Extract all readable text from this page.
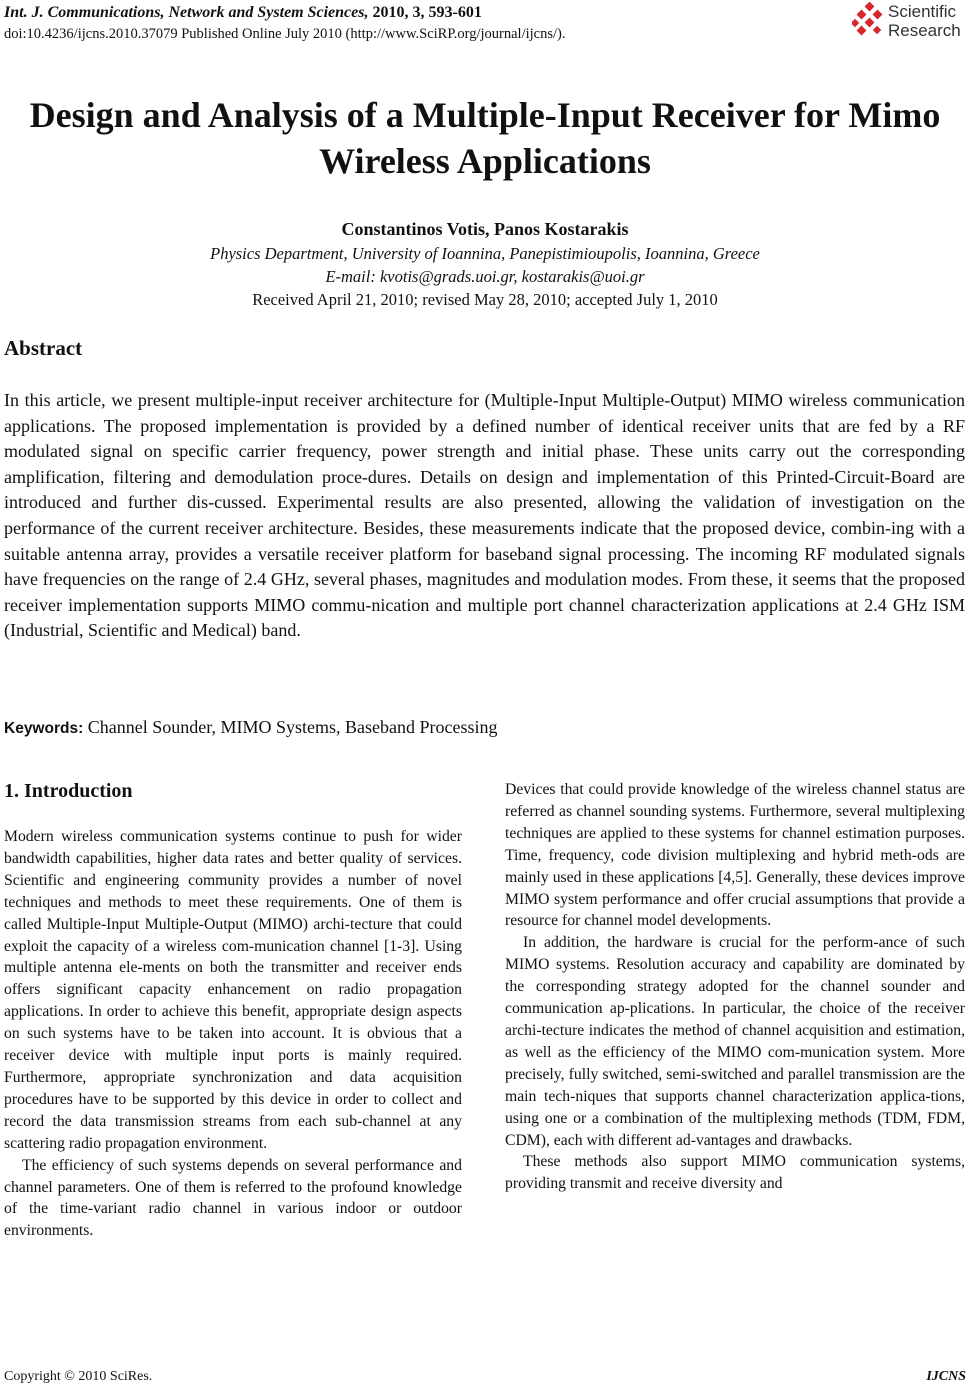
Int. J. Communications, Network and System Sciences, 2010, 3, 593-601
doi:10.4236/ijcns.2010.37079 Published Online July 2010 (http://www.SciRP.org/journal/ijcns/).
Scientific
Research
Design and Analysis of a Multiple-Input Receiver for Mimo
Wireless Applications
Constantinos Votis, Panos Kostarakis
Physics Department, University of Ioannina, Panepistimioupolis, Ioannina, Greece
E-mail: kvotis@grads.uoi.gr, kostarakis@uoi.gr
Received April 21, 2010; revised May 28, 2010; accepted July 1, 2010
Abstract
In this article, we present multiple-input receiver architecture for (Multiple-Input Multiple-Output) MIMO wireless communication applications. The proposed implementation is provided by a defined number of identical receiver units that are fed by a RF modulated signal on specific carrier frequency, power strength and initial phase. These units carry out the corresponding amplification, filtering and demodulation proce-dures. Details on design and implementation of this Printed-Circuit-Board are introduced and further dis-cussed. Experimental results are also presented, allowing the validation of investigation on the performance of the current receiver architecture. Besides, these measurements indicate that the proposed device, combin-ing with a suitable antenna array, provides a versatile receiver platform for baseband signal processing. The incoming RF modulated signals have frequencies on the range of 2.4 GHz, several phases, magnitudes and modulation modes. From these, it seems that the proposed receiver implementation supports MIMO commu-nication and multiple port channel characterization applications at 2.4 GHz ISM (Industrial, Scientific and Medical) band.
Keywords: Channel Sounder, MIMO Systems, Baseband Processing
1. Introduction

Modern wireless communication systems continue to push for wider bandwidth capabilities, higher data rates and better quality of services. Scientific and engineering community provides a number of novel techniques and methods to meet these requirements. One of them is called Multiple-Input Multiple-Output (MIMO) archi-tecture that could exploit the capacity of a wireless com-munication channel [1-3]. Using multiple antenna ele-ments on both the transmitter and receiver ends offers significant capacity enhancement on radio propagation applications. In order to achieve this benefit, appropriate design aspects on such systems have to be taken into account. It is obvious that a receiver device with multiple input ports is mainly required. Furthermore, appropriate synchronization and data acquisition procedures have to be supported by this device in order to collect and record the data transmission streams from each sub-channel at any scattering radio propagation environment.

The efficiency of such systems depends on several performance and channel parameters. One of them is referred to the profound knowledge of the time-variant radio channel in various indoor or outdoor environments.

Devices that could provide knowledge of the wireless channel status are referred as channel sounding systems. Furthermore, several multiplexing techniques are applied to these systems for channel estimation purposes. Time, frequency, code division multiplexing and hybrid meth-ods are mainly used in these applications [4,5]. Generally, these devices improve MIMO system performance and offer crucial assumptions that provide a resource for channel model developments.

In addition, the hardware is crucial for the perform-ance of such MIMO systems. Resolution accuracy and capability are dominated by the corresponding strategy adopted for the channel sounder and communication ap-plications. In particular, the choice of the receiver archi-tecture indicates the method of channel acquisition and estimation, as well as the efficiency of the MIMO com-munication system. More precisely, fully switched, semi-switched and parallel transmission are the main tech-niques that supports channel characterization applica-tions, using one or a combination of the multiplexing methods (TDM, FDM, CDM), each with different ad-vantages and drawbacks.

These methods also support MIMO communication systems, providing transmit and receive diversity and

Copyright © 2010 SciRes.	IJCNS
